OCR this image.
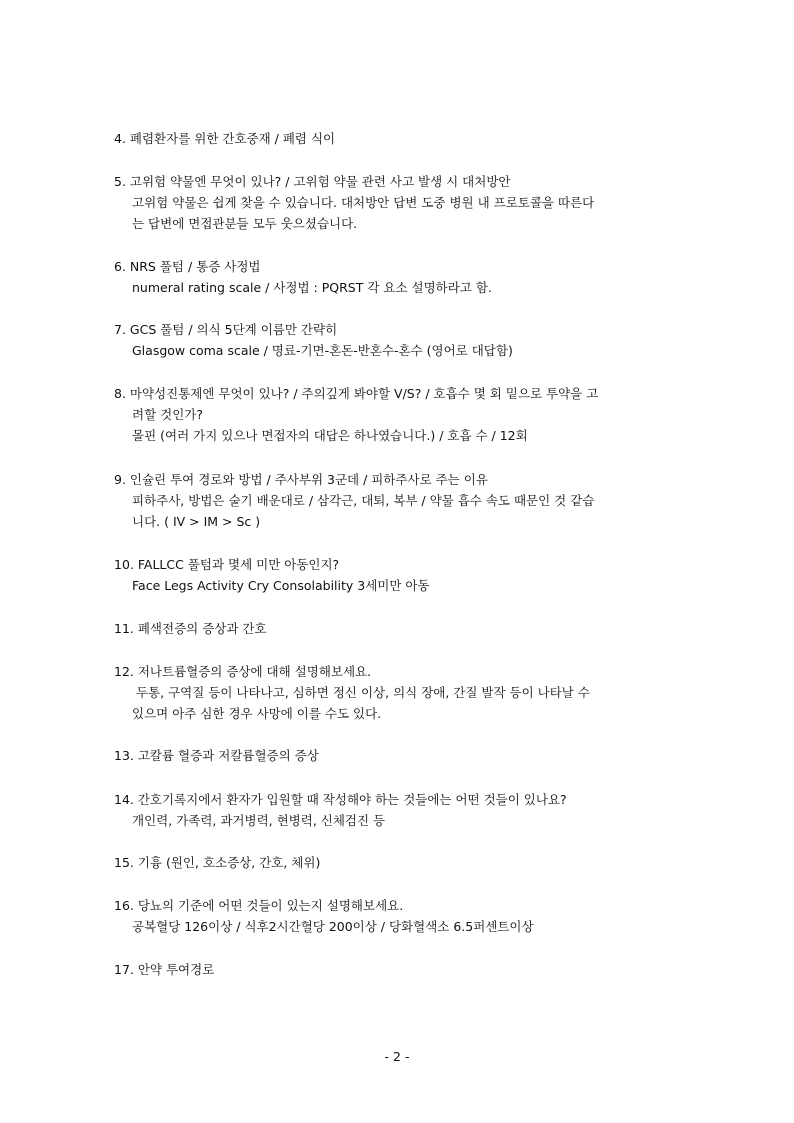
4. 폐렴환자를 위한 간호중재 / 폐렴 식이
5. 고위험 약물엔 무엇이 있나? / 고위험 약물 관련 사고 발생 시 대처방안
고위험 약물은 쉽게 찾을 수 있습니다. 대처방안 답변 도중 병원 내 프로토콜을 따른다
는 답변에 면접관분들 모두 웃으셨습니다.
6. NRS 풀텀 / 통증 사정법
numeral rating scale / 사정법 : PQRST 각 요소 설명하라고 함.
7. GCS 풀텀 / 의식 5단계 이름만 간략히
Glasgow coma scale / 명료-기면-혼돈-반혼수-혼수 (영어로 대답함)
8. 마약성진통제엔 무엇이 있나? / 주의깊게 봐야할 V/S? / 호흡수 몇 회 밑으로 투약을 고
려할 것인가?
몰핀 (여러 가지 있으나 면접자의 대답은 하나였습니다.) / 호흡 수 / 12회
9. 인슐린 투여 경로와 방법 / 주사부위 3군데 / 피하주사로 주는 이유
피하주사, 방법은 술기 배운대로 / 삼각근, 대퇴, 복부 / 약물 흡수 속도 때문인 것 같습
니다. ( IV > IM > Sc )
10. FALLCC 풀텀과 몇세 미만 아동인지?
Face Legs Activity Cry Consolability 3세미만 아동
11. 폐색전증의 증상과 간호
12. 저나트륨혈증의 증상에 대해 설명해보세요.
두통, 구역질 등이 나타나고, 심하면 정신 이상, 의식 장애, 간질 발작 등이 나타날 수
있으며 아주 심한 경우 사망에 이를 수도 있다.
13. 고칼륨 혈증과 저칼륨혈증의 증상
14. 간호기록지에서 환자가 입원할 때 작성해야 하는 것들에는 어떤 것들이 있나요?
개인력, 가족력, 과거병력, 현병력, 신체검진 등
15. 기흉 (원인, 호소증상, 간호, 체위)
16. 당뇨의 기준에 어떤 것들이 있는지 설명해보세요.
공복혈당 126이상 / 식후2시간혈당 200이상 / 당화혈색소 6.5퍼센트이상
17. 안약 투여경로
- 2 -
